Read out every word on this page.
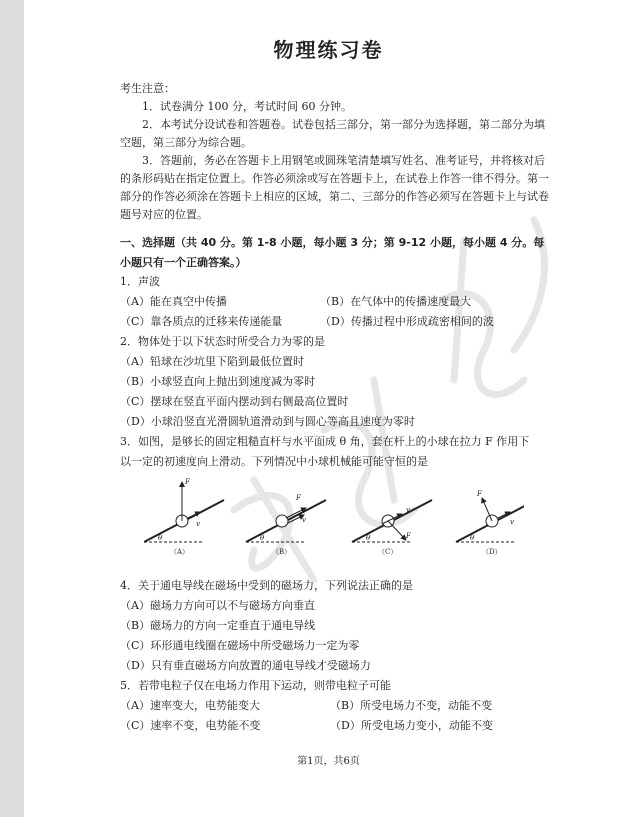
物理练习卷
考生注意：
1．试卷满分 100 分，考试时间 60 分钟。
2．本考试分设试卷和答题卷。试卷包括三部分，第一部分为选择题，第二部分为填空题，第三部分为综合题。
3．答题前，务必在答题卡上用钢笔或圆珠笔清楚填写姓名、准考证号，并将核对后的条形码贴在指定位置上。作答必须涂或写在答题卡上，在试卷上作答一律不得分。第一部分的作答必须涂在答题卡上相应的区域，第二、三部分的作答必须写在答题卡上与试卷题号对应的位置。
一、选择题（共 40 分。第 1-8 小题，每小题 3 分；第 9-12 小题，每小题 4 分。每小题只有一个正确答案。）
1．声波
（A）能在真空中传播	（B）在气体中的传播速度最大
（C）靠各质点的迁移来传递能量	（D）传播过程中形成疏密相间的波
2．物体处于以下状态时所受合力为零的是
（A）铅球在沙坑里下陷到最低位置时
（B）小球竖直向上抛出到速度减为零时
（C）摆球在竖直平面内摆动到右侧最高位置时
（D）小球沿竖直光滑圆轨道滑动到与圆心等高且速度为零时
3．如图，是够长的固定粗糙直杆与水平面成 θ 角，套在杆上的小球在拉力 F 作用下
以一定的初速度向上滑动。下列情况中小球机械能可能守恒的是
F
v
θ
（A）
F
v
θ
（B）
v
F
θ
（C）
F
v
θ
（D）
4．关于通电导线在磁场中受到的磁场力，下列说法正确的是
（A）磁场力方向可以不与磁场方向垂直
（B）磁场力的方向一定垂直于通电导线
（C）环形通电线圈在磁场中所受磁场力一定为零
（D）只有垂直磁场方向放置的通电导线才受磁场力
5．若带电粒子仅在电场力作用下运动，则带电粒子可能
（A）速率变大，电势能变大	（B）所受电场力不变，动能不变
（C）速率不变，电势能不变	（D）所受电场力变小，动能不变
第1页，共6页
